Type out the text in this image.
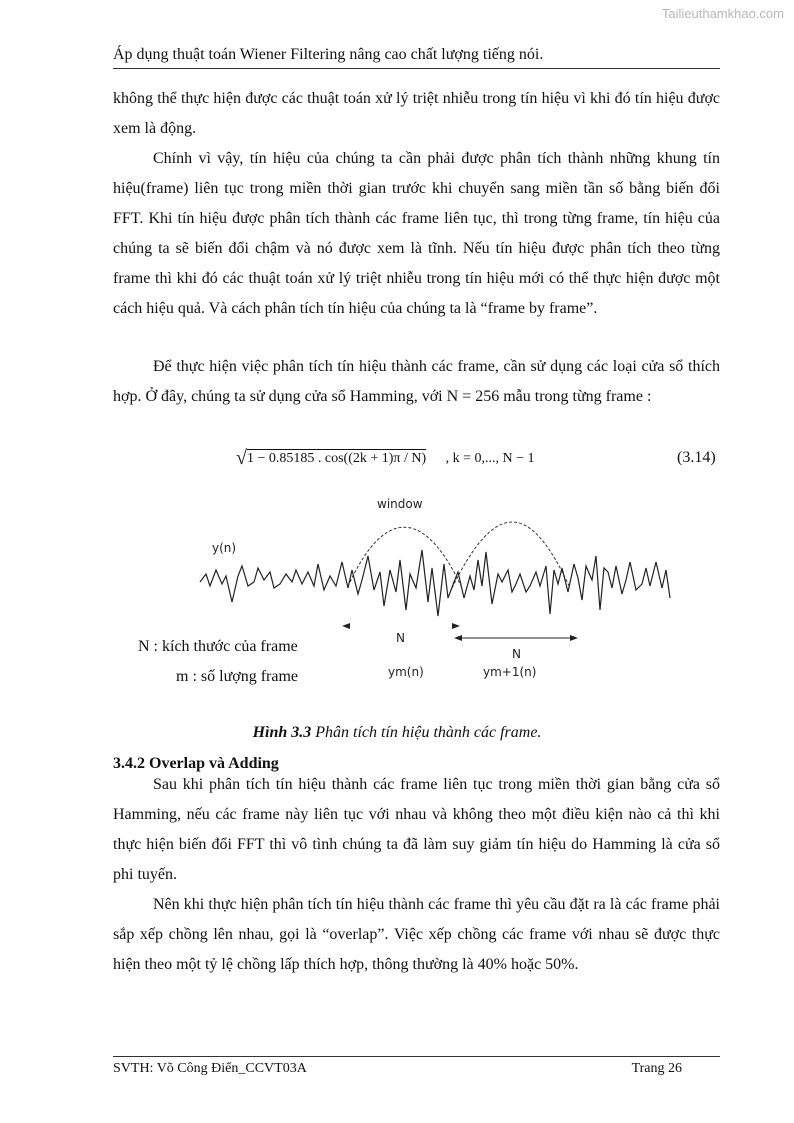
Tailieuthamkhao.com
Áp dụng thuật toán Wiener Filtering nâng cao chất lượng tiếng nói.

không thể thực hiện được các thuật toán xử lý triệt nhiễu trong tín hiệu vì khi đó tín hiệu được xem là động.

Chính vì vậy, tín hiệu của chúng ta cần phải được phân tích thành những khung tín hiệu(frame) liên tục trong miền thời gian trước khi chuyển sang miền tần số bằng biến đổi FFT. Khi tín hiệu được phân tích thành các frame liên tục, thì trong từng frame, tín hiệu của chúng ta sẽ biến đổi chậm và nó được xem là tĩnh. Nếu tín hiệu được phân tích theo từng frame thì khi đó các thuật toán xử lý triệt nhiễu trong tín hiệu mới có thể thực hiện được một cách hiệu quả. Và cách phân tích tín hiệu của chúng ta là “frame by frame”.

Để thực hiện việc phân tích tín hiệu thành các frame, cần sử dụng các loại cửa sổ thích hợp. Ở đây, chúng ta sử dụng cửa sổ Hamming, với N = 256 mẫu trong từng frame :

√1 − 0.85185 . cos((2k + 1)π / N) , k = 0,..., N − 1	(3.14)
window
y(n)
N
N
ym(n)	ym+1(n)
N : kích thước của frame
m : số lượng frame
Hình 3.3 Phân tích tín hiệu thành các frame.
3.4.2 Overlap và Adding

Sau khi phân tích tín hiệu thành các frame liên tục trong miền thời gian bằng cửa sổ Hamming, nếu các frame này liên tục với nhau và không theo một điều kiện nào cả thì khi thực hiện biến đổi FFT thì vô tình chúng ta đã làm suy giảm tín hiệu do Hamming là cửa sổ phi tuyến.

Nên khi thực hiện phân tích tín hiệu thành các frame thì yêu cầu đặt ra là các frame phải sắp xếp chồng lên nhau, gọi là “overlap”. Việc xếp chồng các frame với nhau sẽ được thực hiện theo một tỷ lệ chồng lấp thích hợp, thông thường là 40% hoặc 50%.

SVTH: Võ Công Điển_CCVT03A	Trang 26
